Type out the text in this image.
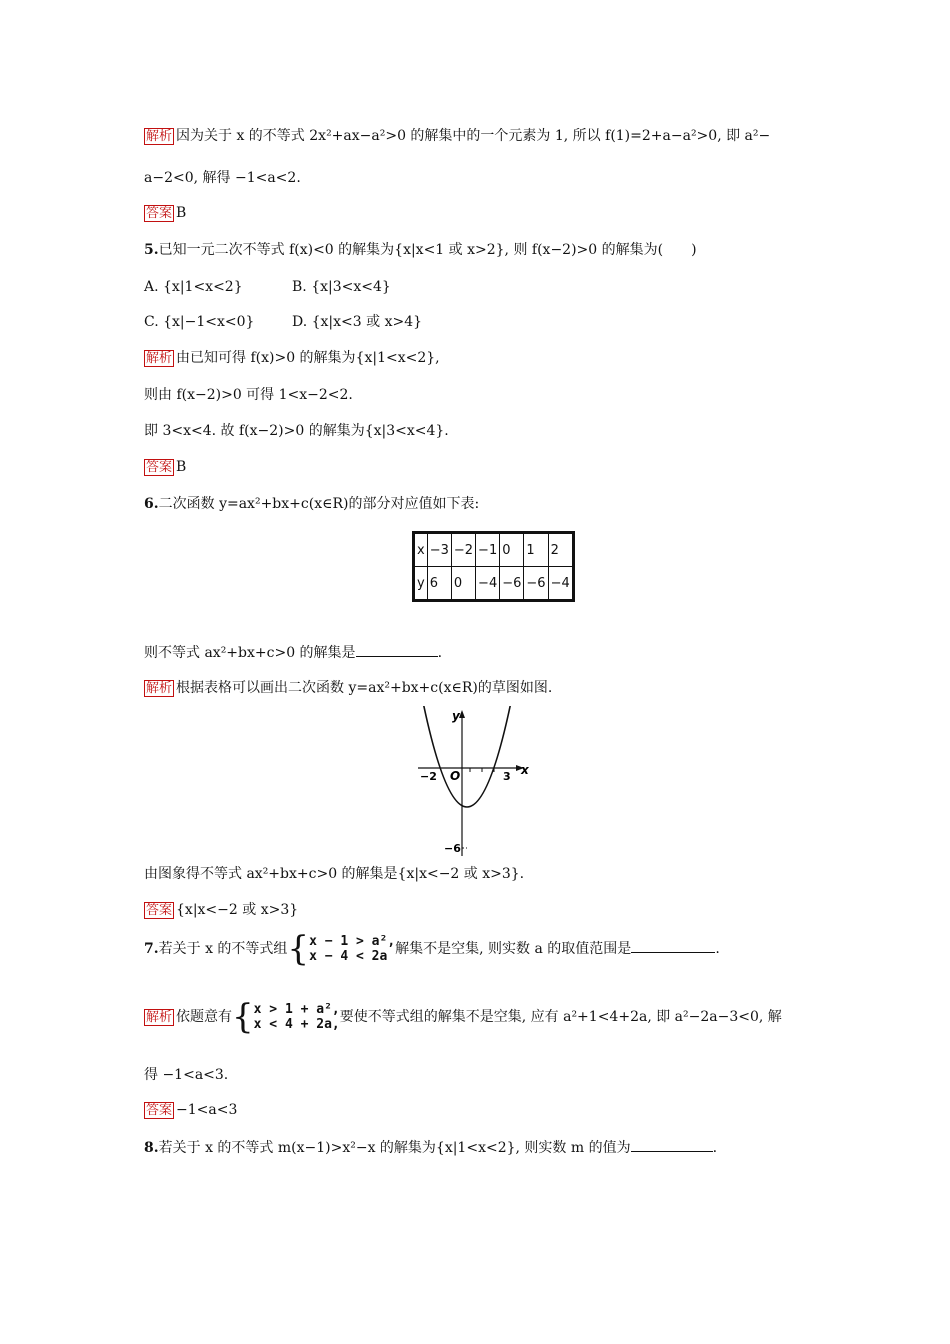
解析 因为关于 x 的不等式 2x²+ax−a²>0 的解集中的一个元素为 1, 所以 f(1)=2+a−a²>0, 即 a²−
a−2<0, 解得 −1<a<2.
答案 B
5.已知一元二次不等式 f(x)<0 的解集为{x|x<1 或 x>2}, 则 f(x−2)>0 的解集为(　　)
A. {x|1<x<2}	B. {x|3<x<4}
C. {x|−1<x<0}	D. {x|x<3 或 x>4}
解析 由已知可得 f(x)>0 的解集为{x|1<x<2},
则由 f(x−2)>0 可得 1<x−2<2.
即 3<x<4. 故 f(x−2)>0 的解集为{x|3<x<4}.
答案 B
6.二次函数 y=ax²+bx+c(x∈R)的部分对应值如下表:
x	−3	−2	−1	0	1	2
y	6	0	−4	−6	−6	−4
则不等式 ax²+bx+c>0 的解集是	.
解析 根据表格可以画出二次函数 y=ax²+bx+c(x∈R)的草图如图.
y
x
O
−2	3
−6
由图象得不等式 ax²+bx+c>0 的解集是{x|x<−2 或 x>3}.
答案 {x|x<−2 或 x>3}
7.若关于 x 的不等式组{x − 1 > a²,
x − 4 < 2a 解集不是空集, 则实数 a 的取值范围是	.
解析 依题意有{x > 1 + a²,
x < 4 + 2a,要使不等式组的解集不是空集, 应有 a²+1<4+2a, 即 a²−2a−3<0, 解
得 −1<a<3.
答案 −1<a<3
8.若关于 x 的不等式 m(x−1)>x²−x 的解集为{x|1<x<2}, 则实数 m 的值为	.
